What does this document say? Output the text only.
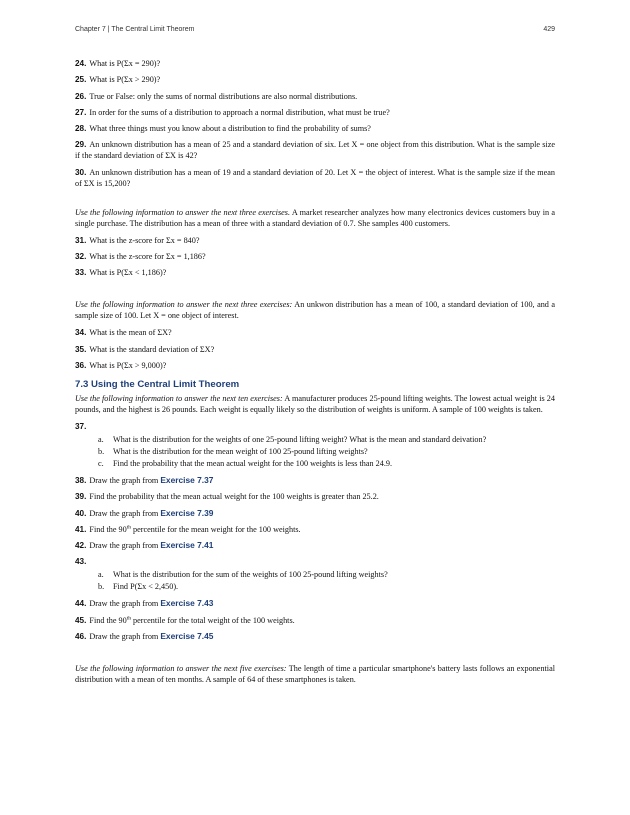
Chapter 7 | The Central Limit Theorem	429
24. What is P(Σx = 290)?
25. What is P(Σx > 290)?
26. True or False: only the sums of normal distributions are also normal distributions.
27. In order for the sums of a distribution to approach a normal distribution, what must be true?
28. What three things must you know about a distribution to find the probability of sums?
29. An unknown distribution has a mean of 25 and a standard deviation of six. Let X = one object from this distribution. What is the sample size if the standard deviation of ΣX is 42?
30. An unknown distribution has a mean of 19 and a standard deviation of 20. Let X = the object of interest. What is the sample size if the mean of ΣX is 15,200?
Use the following information to answer the next three exercises. A market researcher analyzes how many electronics devices customers buy in a single purchase. The distribution has a mean of three with a standard deviation of 0.7. She samples 400 customers.
31. What is the z-score for Σx = 840?
32. What is the z-score for Σx = 1,186?
33. What is P(Σx < 1,186)?
Use the following information to answer the next three exercises: An unkwon distribution has a mean of 100, a standard deviation of 100, and a sample size of 100. Let X = one object of interest.
34. What is the mean of ΣX?
35. What is the standard deviation of ΣX?
36. What is P(Σx > 9,000)?
7.3 Using the Central Limit Theorem
Use the following information to answer the next ten exercises: A manufacturer produces 25-pound lifting weights. The lowest actual weight is 24 pounds, and the highest is 26 pounds. Each weight is equally likely so the distribution of weights is uniform. A sample of 100 weights is taken.
37.
a. What is the distribution for the weights of one 25-pound lifting weight? What is the mean and standard deivation?
b. What is the distribution for the mean weight of 100 25-pound lifting weights?
c. Find the probability that the mean actual weight for the 100 weights is less than 24.9.
38. Draw the graph from Exercise 7.37
39. Find the probability that the mean actual weight for the 100 weights is greater than 25.2.
40. Draw the graph from Exercise 7.39
41. Find the 90th percentile for the mean weight for the 100 weights.
42. Draw the graph from Exercise 7.41
43.
a. What is the distribution for the sum of the weights of 100 25-pound lifting weights?
b. Find P(Σx < 2,450).
44. Draw the graph from Exercise 7.43
45. Find the 90th percentile for the total weight of the 100 weights.
46. Draw the graph from Exercise 7.45
Use the following information to answer the next five exercises: The length of time a particular smartphone's battery lasts follows an exponential distribution with a mean of ten months. A sample of 64 of these smartphones is taken.
